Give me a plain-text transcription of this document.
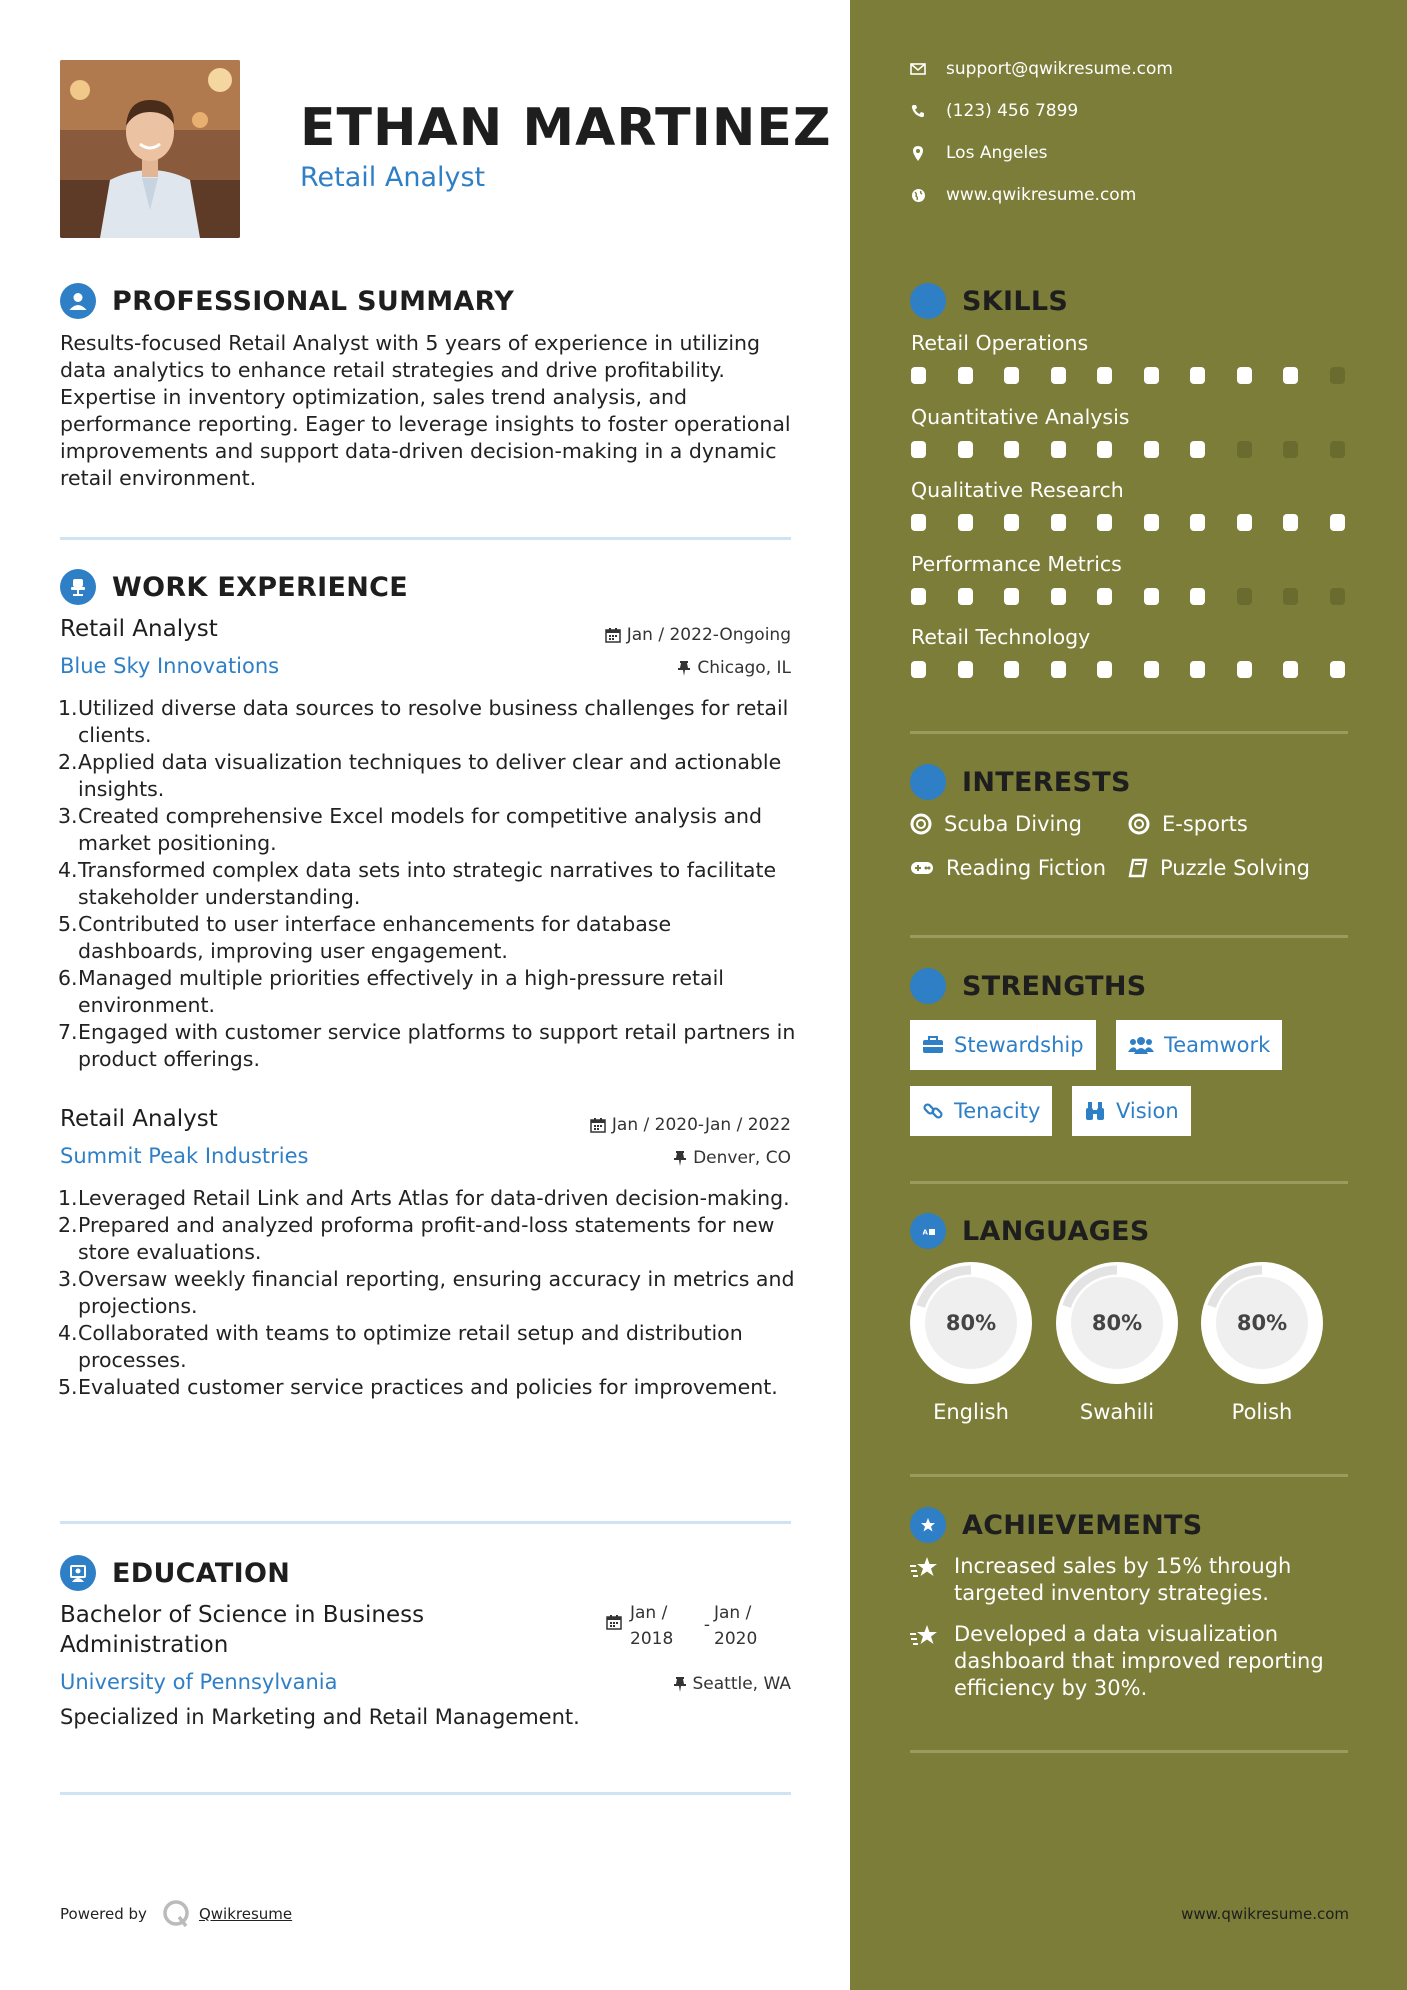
ETHAN MARTINEZ
Retail Analyst
PROFESSIONAL SUMMARY
Results-focused Retail Analyst with 5 years of experience in utilizing data analytics to enhance retail strategies and drive profitability. Expertise in inventory optimization, sales trend analysis, and performance reporting. Eager to leverage insights to foster operational improvements and support data-driven decision-making in a dynamic retail environment.
WORK EXPERIENCE
Retail Analyst	Jan / 2022-Ongoing
Blue Sky Innovations	Chicago, IL
Utilized diverse data sources to resolve business challenges for retail clients.
Applied data visualization techniques to deliver clear and actionable insights.
Created comprehensive Excel models for competitive analysis and market positioning.
Transformed complex data sets into strategic narratives to facilitate stakeholder understanding.
Contributed to user interface enhancements for database dashboards, improving user engagement.
Managed multiple priorities effectively in a high-pressure retail environment.
Engaged with customer service platforms to support retail partners in product offerings.
Retail Analyst	Jan / 2020-Jan / 2022
Summit Peak Industries	Denver, CO
Leveraged Retail Link and Arts Atlas for data-driven decision-making.
Prepared and analyzed proforma profit-and-loss statements for new store evaluations.
Oversaw weekly financial reporting, ensuring accuracy in metrics and projections.
Collaborated with teams to optimize retail setup and distribution processes.
Evaluated customer service practices and policies for improvement.
EDUCATION
Bachelor of Science in Business Administration
Jan / 2018
-
Jan / 2020
University of Pennsylvania	Seattle, WA
Specialized in Marketing and Retail Management.
Powered by	Qwikresume
support@qwikresume.com
(123) 456 7899
Los Angeles
www.qwikresume.com
SKILLS
Retail Operations
Quantitative Analysis
Qualitative Research
Performance Metrics
Retail Technology
INTERESTS
Scuba Diving	E-sports
Reading Fiction	Puzzle Solving
STRENGTHS
Stewardship	Teamwork
Tenacity	Vision
A LANGUAGES
80%
English
80%
Swahili
80%
Polish
ACHIEVEMENTS
Increased sales by 15% through targeted inventory strategies.
Developed a data visualization dashboard that improved reporting efficiency by 30%.
www.qwikresume.com
